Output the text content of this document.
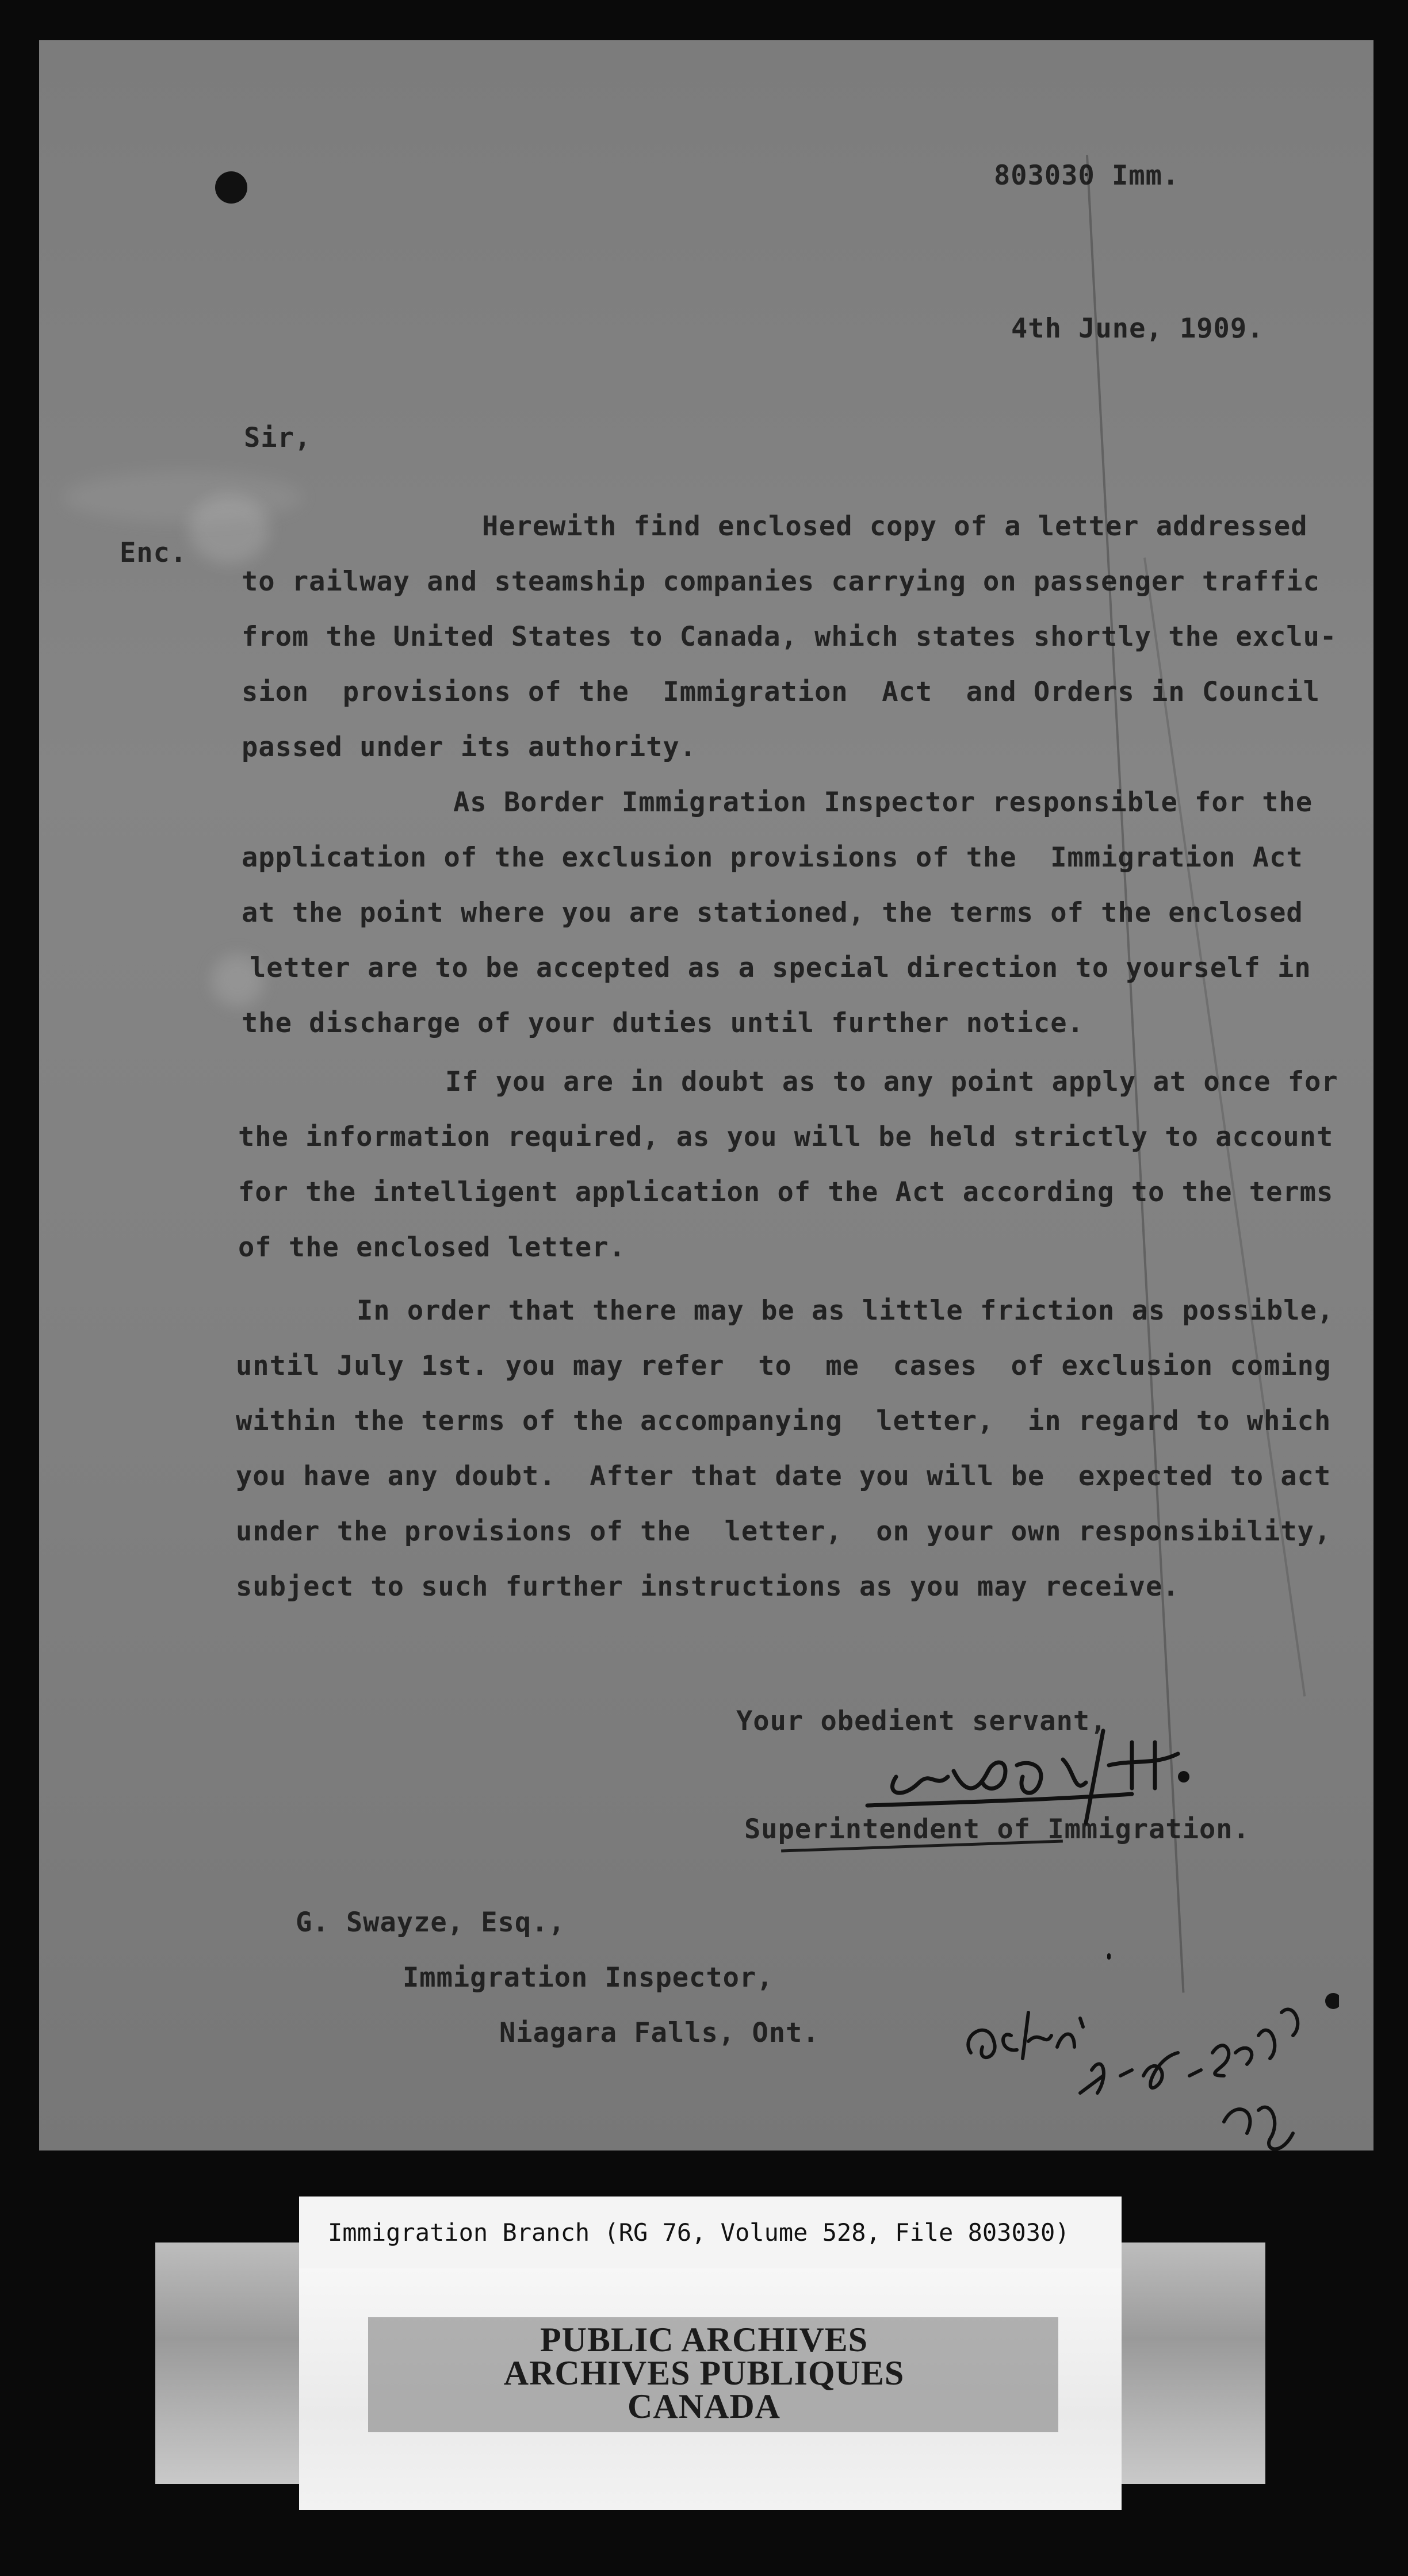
803030 Imm.
4th June, 1909.
Sir,
Enc.
Herewith find enclosed copy of a letter addressed
to railway and steamship companies carrying on passenger traffic
from the United States to Canada, which states shortly the exclu-
sion  provisions of the  Immigration  Act  and Orders in Council
passed under its authority.
As Border Immigration Inspector responsible for the
application of the exclusion provisions of the  Immigration Act
at the point where you are stationed, the terms of the enclosed
letter are to be accepted as a special direction to yourself in
the discharge of your duties until further notice.
If you are in doubt as to any point apply at once for
the information required, as you will be held strictly to account
for the intelligent application of the Act according to the terms
of the enclosed letter.
In order that there may be as little friction as possible,
until July 1st. you may refer  to  me  cases  of exclusion coming
within the terms of the accompanying  letter,  in regard to which
you have any doubt.  After that date you will be  expected to act
under the provisions of the  letter,  on your own responsibility,
subject to such further instructions as you may receive.
Your obedient servant,
Superintendent of Immigration.
G. Swayze, Esq.,
Immigration Inspector,
Niagara Falls, Ont.
Immigration Branch (RG 76, Volume 528, File 803030)
PUBLIC ARCHIVES
ARCHIVES PUBLIQUES
CANADA
